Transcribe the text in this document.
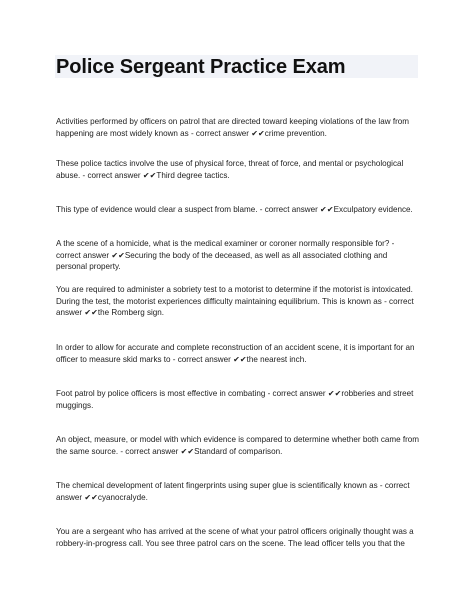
Police Sergeant Practice Exam

Activities performed by officers on patrol that are directed toward keeping violations of the law from happening are most widely known as - correct answer ✔✔crime prevention.

These police tactics involve the use of physical force, threat of force, and mental or psychological abuse. - correct answer ✔✔Third degree tactics.

This type of evidence would clear a suspect from blame. - correct answer ✔✔Exculpatory evidence.

A the scene of a homicide, what is the medical examiner or coroner normally responsible for? - correct answer ✔✔Securing the body of the deceased, as well as all associated clothing and personal property.

You are required to administer a sobriety test to a motorist to determine if the motorist is intoxicated. During the test, the motorist experiences difficulty maintaining equilibrium. This is known as - correct answer ✔✔the Romberg sign.

In order to allow for accurate and complete reconstruction of an accident scene, it is important for an officer to measure skid marks to - correct answer ✔✔the nearest inch.

Foot patrol by police officers is most effective in combating - correct answer ✔✔robberies and street muggings.

An object, measure, or model with which evidence is compared to determine whether both came from the same source. - correct answer ✔✔Standard of comparison.

The chemical development of latent fingerprints using super glue is scientifically known as - correct answer ✔✔cyanocralyde.

You are a sergeant who has arrived at the scene of what your patrol officers originally thought was a robbery-in-progress call. You see three patrol cars on the scene. The lead officer tells you that the
